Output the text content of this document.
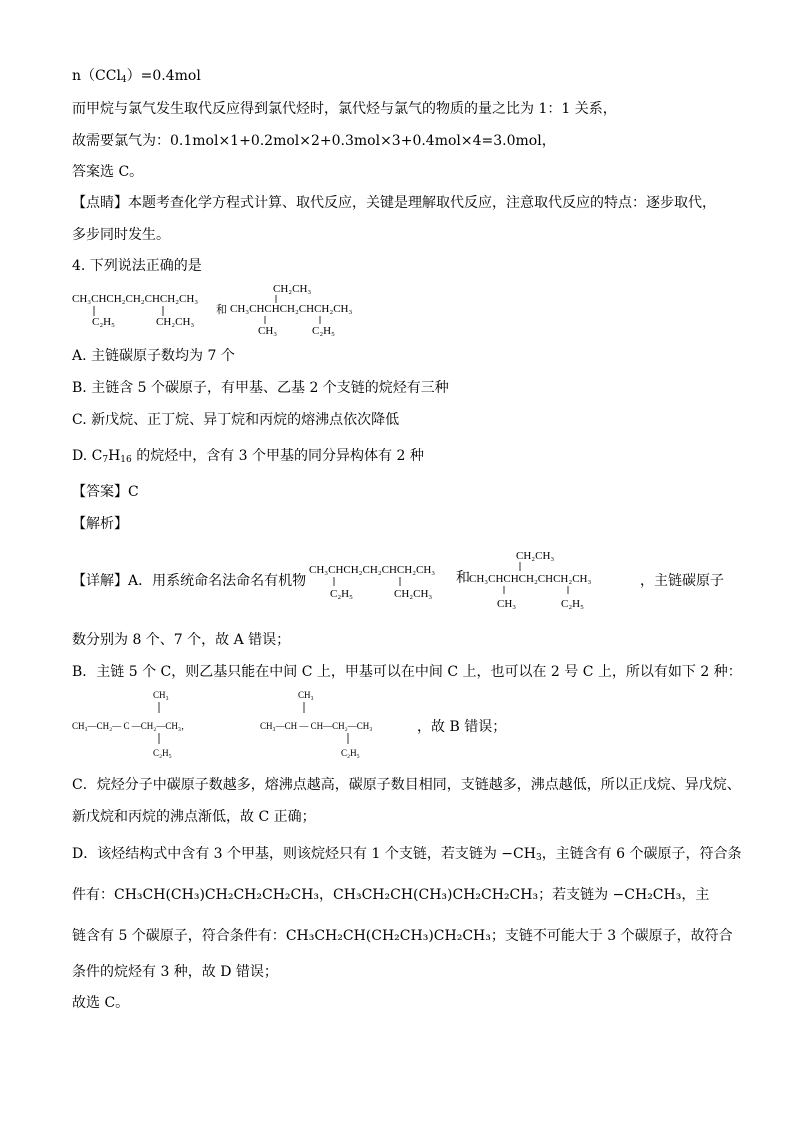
n（CCl$_4$）=0.4mol
而甲烷与氯气发生取代反应得到氯代烃时，氯代烃与氯气的物质的量之比为 1：1 关系，
故需要氯气为：0.1mol×1+0.2mol×2+0.3mol×3+0.4mol×4=3.0mol，
答案选 C。
【点睛】本题考查化学方程式计算、取代反应，关键是理解取代反应，注意取代反应的特点：逐步取代，
多步同时发生。
4. 下列说法正确的是
CH₃CHCH₂CH₂CHCH₂CH₃
C₂H₅	CH₂CH₃
和
CH₂CH₃
CH₃CHCHCH₂CHCH₂CH₃
CH₃	C₂H₅
A. 主链碳原子数均为 7 个
B. 主链含 5 个碳原子，有甲基、乙基 2 个支链的烷烃有三种
C. 新戊烷、正丁烷、异丁烷和丙烷的熔沸点依次降低
D. $C_7H_{16}$ 的烷烃中，含有 3 个甲基的同分异构体有 2 种
【答案】C
【解析】
【详解】A．用系统命名法命名有机物
CH₃CHCH₂CH₂CHCH₂CH₃
C₂H₅	CH₂CH₃
和
CH₂CH₃
CH₃CHCHCH₂CHCH₂CH₃
CH₃	C₂H₅
，主链碳原子
数分别为 8 个、7 个，故 A 错误；
B．主链 5 个 C，则乙基只能在中间 C 上，甲基可以在中间 C 上，也可以在 2 号 C 上，所以有如下 2 种：
CH₃
CH₃—CH₂— C —CH₂—CH₃，
C₂H₅
CH₃
CH₃—CH — CH—CH₂—CH₃
C₂H₅
，故 B 错误；
C．烷烃分子中碳原子数越多，熔沸点越高，碳原子数目相同，支链越多，沸点越低，所以正戊烷、异戊烷、
新戊烷和丙烷的沸点渐低，故 C 正确；
D．该烃结构式中含有 3 个甲基，则该烷烃只有 1 个支链，若支链为 $-CH_3$，主链含有 6 个碳原子，符合条
件有：CH₃CH(CH₃)CH₂CH₂CH₂CH₃，CH₃CH₂CH(CH₃)CH₂CH₂CH₃；若支链为 −CH₂CH₃，主
链含有 5 个碳原子，符合条件有：CH₃CH₂CH(CH₂CH₃)CH₂CH₃；支链不可能大于 3 个碳原子，故符合
条件的烷烃有 3 种，故 D 错误；
故选 C。
